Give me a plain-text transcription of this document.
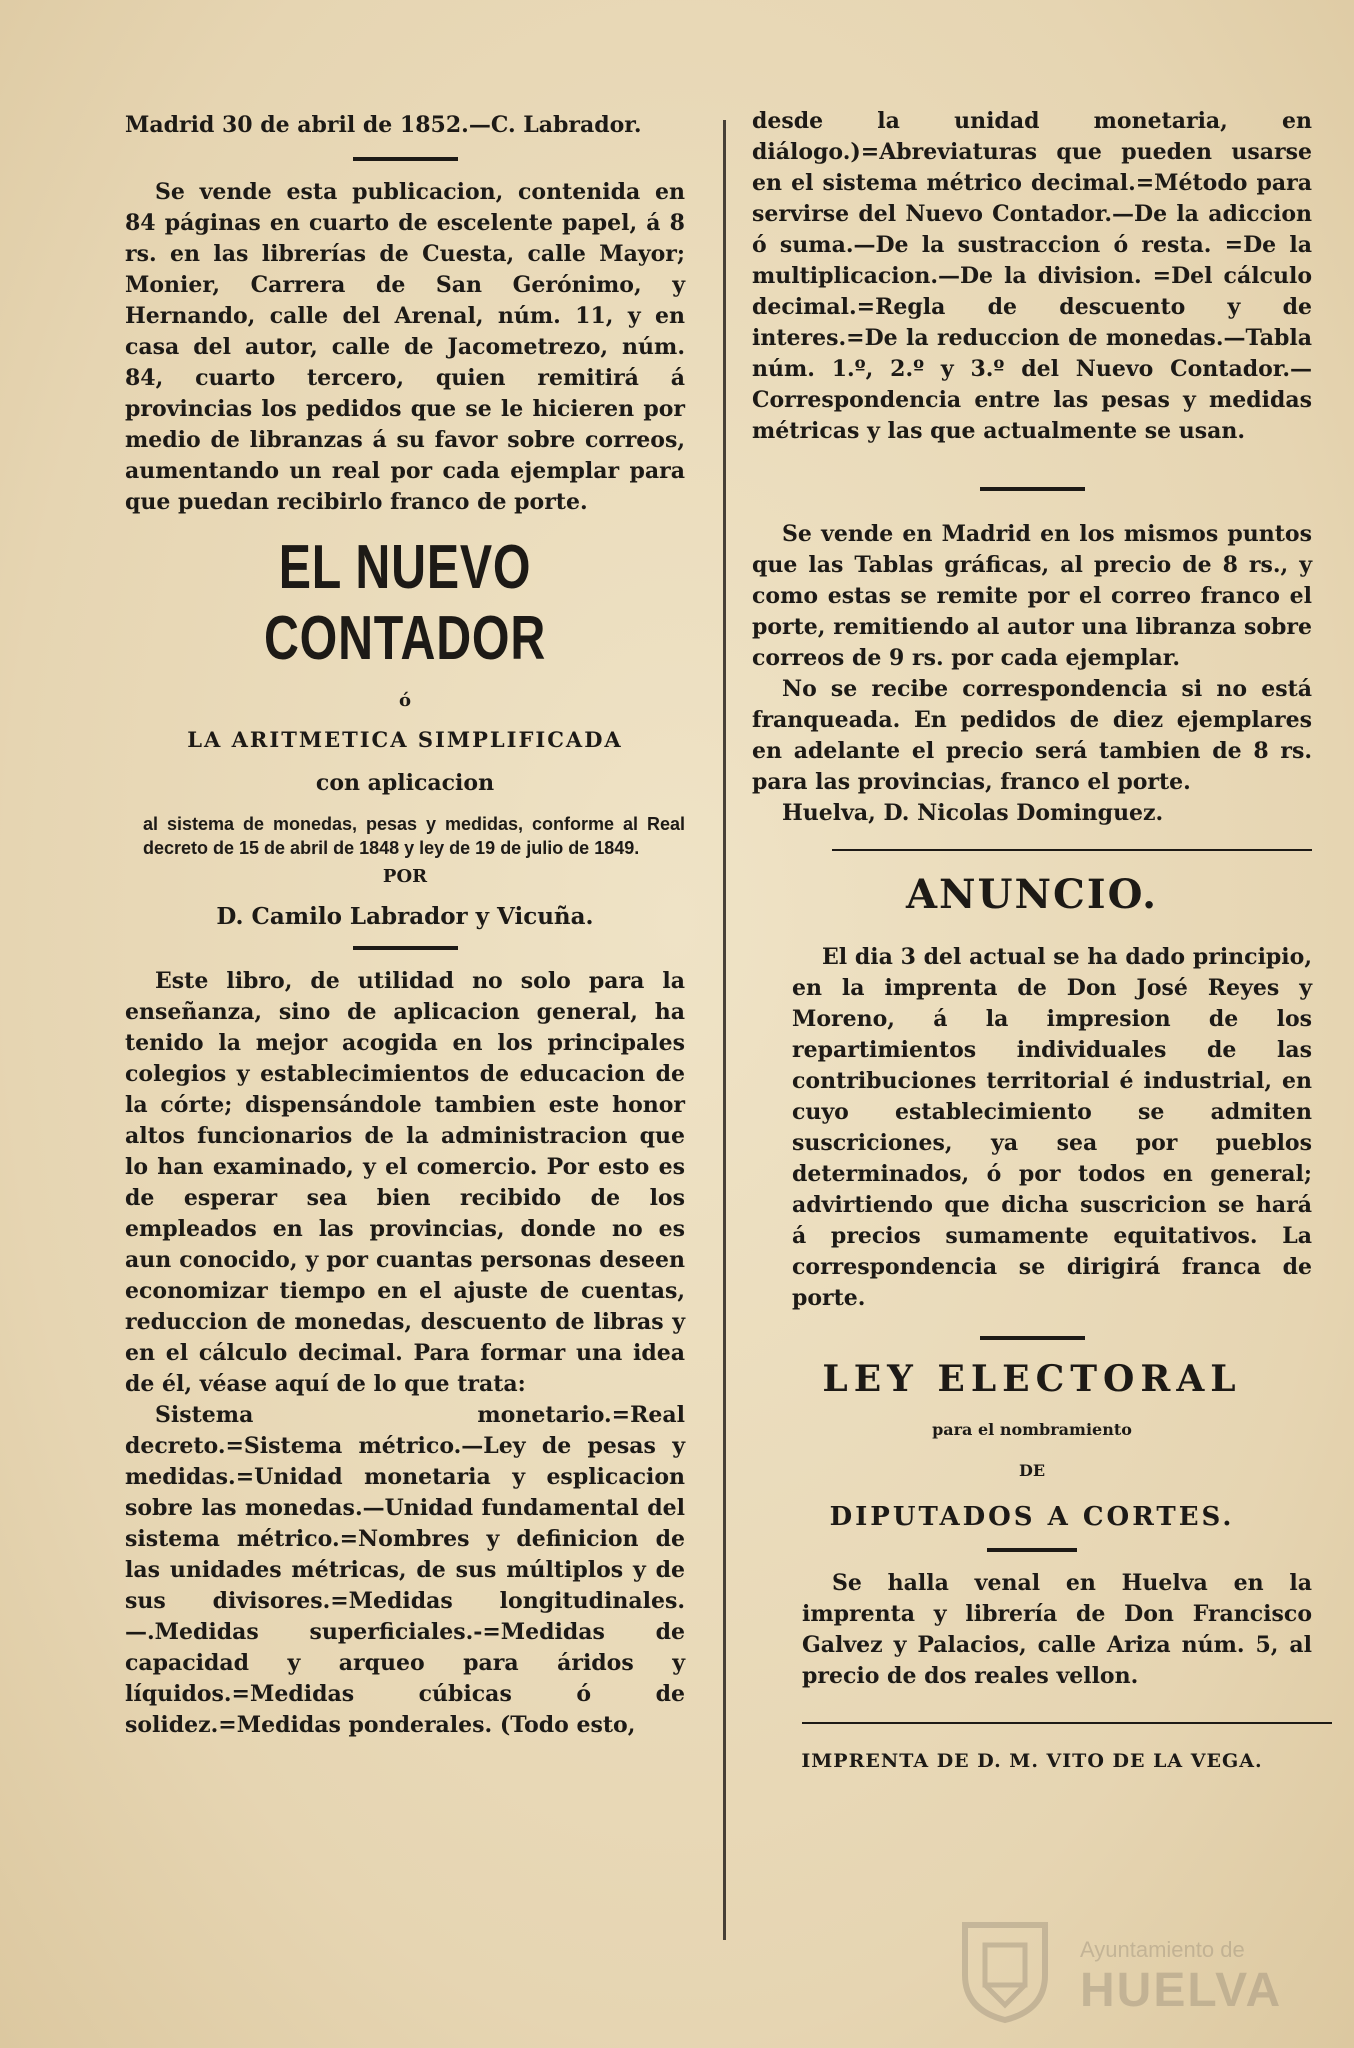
Madrid 30 de abril de 1852.—C. Labrador.

Se vende esta publicacion, contenida en 84 páginas en cuarto de escelente papel, á 8 rs. en las librerías de Cuesta, calle Mayor; Monier, Carrera de San Gerónimo, y Hernando, calle del Arenal, núm. 11, y en casa del autor, calle de Jacometrezo, núm. 84, cuarto tercero, quien remitirá á provincias los pedidos que se le hicieren por medio de libranzas á su favor sobre correos, aumentando un real por cada ejemplar para que puedan recibirlo franco de porte.

EL NUEVO CONTADOR
ó
LA ARITMETICA SIMPLIFICADA
con aplicacion

al sistema de monedas, pesas y medidas, conforme al Real decreto de 15 de abril de 1848 y ley de 19 de julio de 1849.

POR
D. Camilo Labrador y Vicuña.

Este libro, de utilidad no solo para la enseñanza, sino de aplicacion general, ha tenido la mejor acogida en los principales colegios y establecimientos de educacion de la córte; dispensándole tambien este honor altos funcionarios de la administracion que lo han examinado, y el comercio. Por esto es de esperar sea bien recibido de los empleados en las provincias, donde no es aun conocido, y por cuantas personas deseen economizar tiempo en el ajuste de cuentas, reduccion de monedas, descuento de libras y en el cálculo decimal. Para formar una idea de él, véase aquí de lo que trata:

Sistema monetario.=Real decreto.=Sistema métrico.—Ley de pesas y medidas.=Unidad monetaria y esplicacion sobre las monedas.—Unidad fundamental del sistema métrico.=Nombres y definicion de las unidades métricas, de sus múltiplos y de sus divisores.=Medidas longitudinales.—.Medidas superficiales.-=Medidas de capacidad y arqueo para áridos y líquidos.=Medidas cúbicas ó de solidez.=Medidas ponderales. (Todo esto,

desde la unidad monetaria, en diálogo.)=Abreviaturas que pueden usarse en el sistema métrico decimal.=Método para servirse del Nuevo Contador.—De la adiccion ó suma.—De la sustraccion ó resta. =De la multiplicacion.—De la division. =Del cálculo decimal.=Regla de descuento y de interes.=De la reduccion de monedas.—Tabla núm. 1.º, 2.º y 3.º del Nuevo Contador.—Correspondencia entre las pesas y medidas métricas y las que actualmente se usan.

Se vende en Madrid en los mismos puntos que las Tablas gráficas, al precio de 8 rs., y como estas se remite por el correo franco el porte, remitiendo al autor una libranza sobre correos de 9 rs. por cada ejemplar.

No se recibe correspondencia si no está franqueada. En pedidos de diez ejemplares en adelante el precio será tambien de 8 rs. para las provincias, franco el porte.

Huelva, D. Nicolas Dominguez.

ANUNCIO.

El dia 3 del actual se ha dado principio, en la imprenta de Don José Reyes y Moreno, á la impresion de los repartimientos individuales de las contribuciones territorial é industrial, en cuyo establecimiento se admiten suscriciones, ya sea por pueblos determinados, ó por todos en general; advirtiendo que dicha suscricion se hará á precios sumamente equitativos. La correspondencia se dirigirá franca de porte.

LEY ELECTORAL
para el nombramiento
DE
DIPUTADOS A CORTES.

Se halla venal en Huelva en la imprenta y librería de Don Francisco Galvez y Palacios, calle Ariza núm. 5, al precio de dos reales vellon.

IMPRENTA DE D. M. VITO DE LA VEGA.
Ayuntamiento de
HUELVA
